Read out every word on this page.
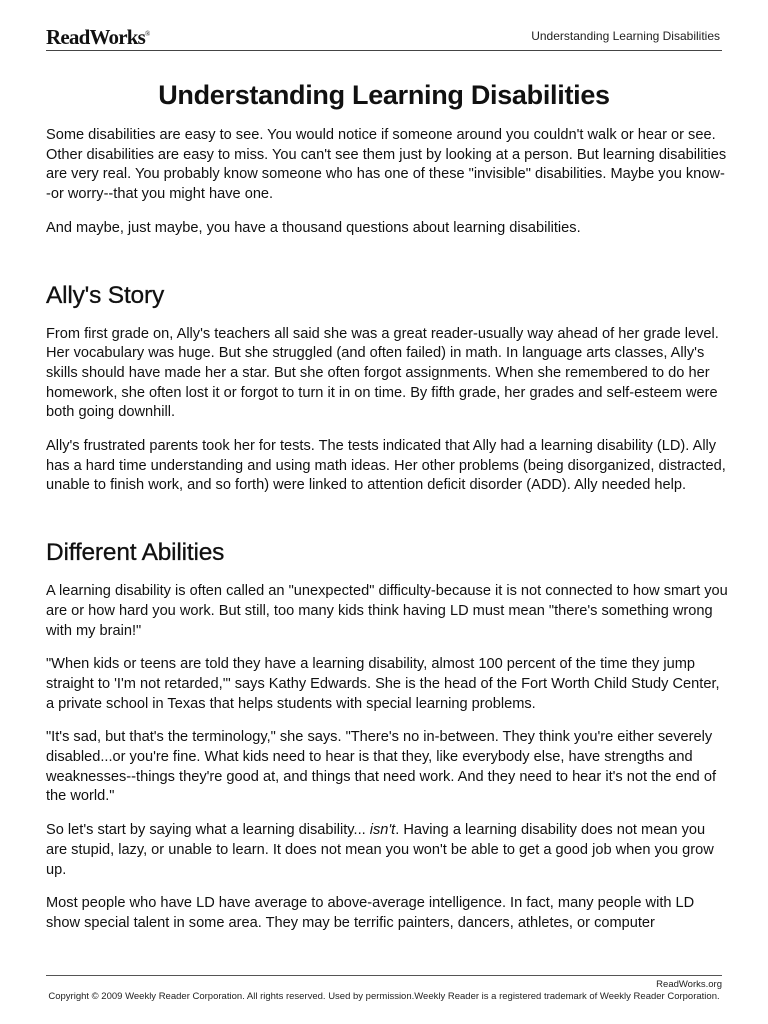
ReadWorks®	Understanding Learning Disabilities
Understanding Learning Disabilities

Some disabilities are easy to see. You would notice if someone around you couldn't walk or hear or see. Other disabilities are easy to miss. You can't see them just by looking at a person. But learning disabilities are very real. You probably know someone who has one of these "invisible" disabilities. Maybe you know--or worry--that you might have one.

And maybe, just maybe, you have a thousand questions about learning disabilities.

Ally's Story

From first grade on, Ally's teachers all said she was a great reader-usually way ahead of her grade level. Her vocabulary was huge. But she struggled (and often failed) in math. In language arts classes, Ally's skills should have made her a star. But she often forgot assignments. When she remembered to do her homework, she often lost it or forgot to turn it in on time. By fifth grade, her grades and self-esteem were both going downhill.

Ally's frustrated parents took her for tests. The tests indicated that Ally had a learning disability (LD). Ally has a hard time understanding and using math ideas. Her other problems (being disorganized, distracted, unable to finish work, and so forth) were linked to attention deficit disorder (ADD). Ally needed help.

Different Abilities

A learning disability is often called an "unexpected" difficulty-because it is not connected to how smart you are or how hard you work. But still, too many kids think having LD must mean "there's something wrong with my brain!"

"When kids or teens are told they have a learning disability, almost 100 percent of the time they jump straight to 'I'm not retarded,'" says Kathy Edwards. She is the head of the Fort Worth Child Study Center, a private school in Texas that helps students with special learning problems.

"It's sad, but that's the terminology," she says. "There's no in-between. They think you're either severely disabled...or you're fine. What kids need to hear is that they, like everybody else, have strengths and weaknesses--things they're good at, and things that need work. And they need to hear it's not the end of the world."

So let's start by saying what a learning disability... isn't. Having a learning disability does not mean you are stupid, lazy, or unable to learn. It does not mean you won't be able to get a good job when you grow up.

Most people who have LD have average to above-average intelligence. In fact, many people with LD show special talent in some area. They may be terrific painters, dancers, athletes, or computer

ReadWorks.org
Copyright © 2009 Weekly Reader Corporation. All rights reserved. Used by permission.Weekly Reader is a registered trademark of Weekly Reader Corporation.
